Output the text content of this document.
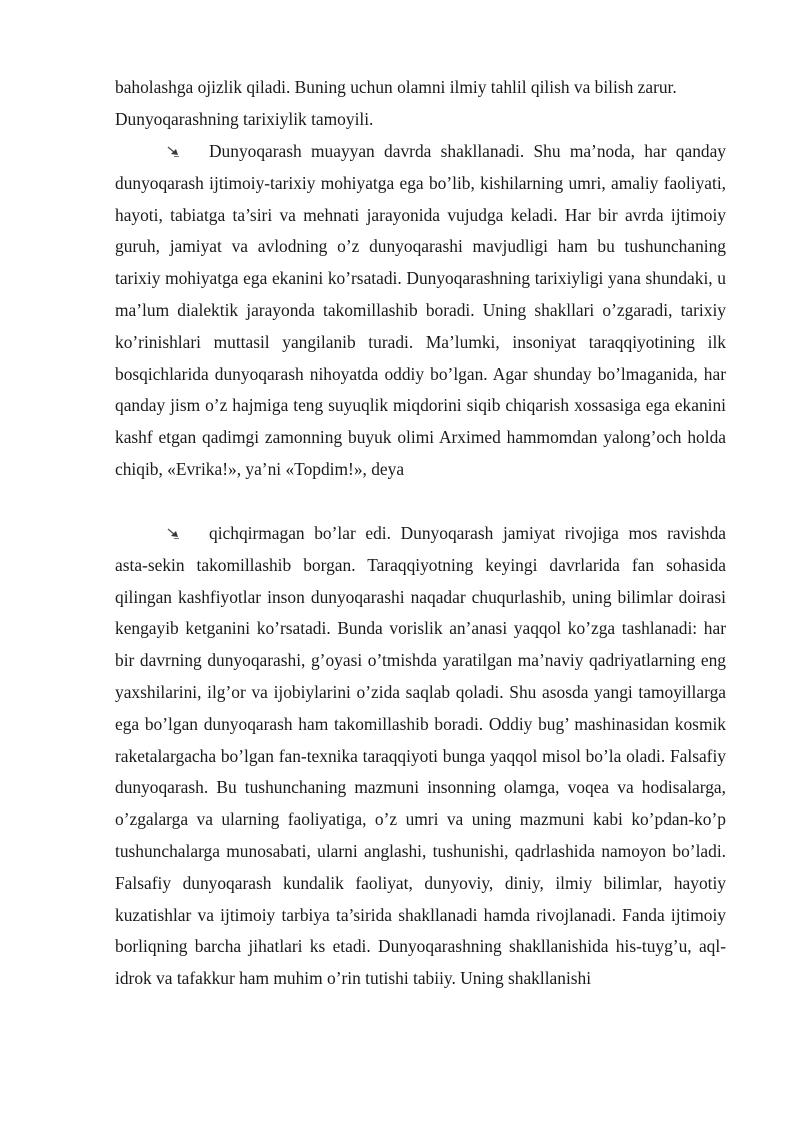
baholashga ojizlik qiladi. Buning uchun olamni ilmiy tahlil qilish va bilish zarur.

Dunyoqarashning tarixiylik tamoyili.

Dunyoqarash muayyan davrda shakllanadi. Shu ma’noda, har qanday dunyoqarash ijtimoiy-tarixiy mohiyatga ega bo’lib, kishilarning umri, amaliy faoliyati, hayoti, tabiatga ta’siri va mehnati jarayonida vujudga keladi. Har bir avrda ijtimoiy guruh, jamiyat va avlodning o’z dunyoqarashi mavjudligi ham bu tushunchaning tarixiy mohiyatga ega ekanini ko’rsatadi. Dunyoqarashning tarixiyligi yana shundaki, u ma’lum dialektik jarayonda takomillashib boradi. Uning shakllari o’zgaradi, tarixiy ko’rinishlari muttasil yangilanib turadi. Ma’lumki, insoniyat taraqqiyotining ilk bosqichlarida dunyoqarash nihoyatda oddiy bo’lgan. Agar shunday bo’lmaganida, har qanday jism o’z hajmiga teng suyuqlik miqdorini siqib chiqarish xossasiga ega ekanini kashf etgan qadimgi zamonning buyuk olimi Arximed hammomdan yalong’och holda chiqib, «Evrika!», ya’ni «Topdim!», deya

qichqirmagan bo’lar edi. Dunyoqarash jamiyat rivojiga mos ravishda asta-sekin takomillashib borgan. Taraqqiyotning keyingi davrlarida fan sohasida qilingan kashfiyotlar inson dunyoqarashi naqadar chuqurlashib, uning bilimlar doirasi kengayib ketganini ko’rsatadi. Bunda vorislik an’anasi yaqqol ko’zga tashlanadi: har bir davrning dunyoqarashi, g’oyasi o’tmishda yaratilgan ma’naviy qadriyatlarning eng yaxshilarini, ilg’or va ijobiylarini o’zida saqlab qoladi. Shu asosda yangi tamoyillarga ega bo’lgan dunyoqarash ham takomillashib boradi. Oddiy bug’ mashinasidan kosmik raketalargacha bo’lgan fan-texnika taraqqiyoti bunga yaqqol misol bo’la oladi. Falsafiy dunyoqarash. Bu tushunchaning mazmuni insonning olamga, voqea va hodisalarga, o’zgalarga va ularning faoliyatiga, o’z umri va uning mazmuni kabi ko’pdan-ko’p tushunchalarga munosabati, ularni anglashi, tushunishi, qadrlashida namoyon bo’ladi. Falsafiy dunyoqarash kundalik faoliyat, dunyoviy, diniy, ilmiy bilimlar, hayotiy kuzatishlar va ijtimoiy tarbiya ta’sirida shakllanadi hamda rivojlanadi. Fanda ijtimoiy borliqning barcha jihatlari ks etadi. Dunyoqarashning shakllanishida his-tuyg’u, aql-idrok va tafakkur ham muhim o’rin tutishi tabiiy. Uning shakllanishi
